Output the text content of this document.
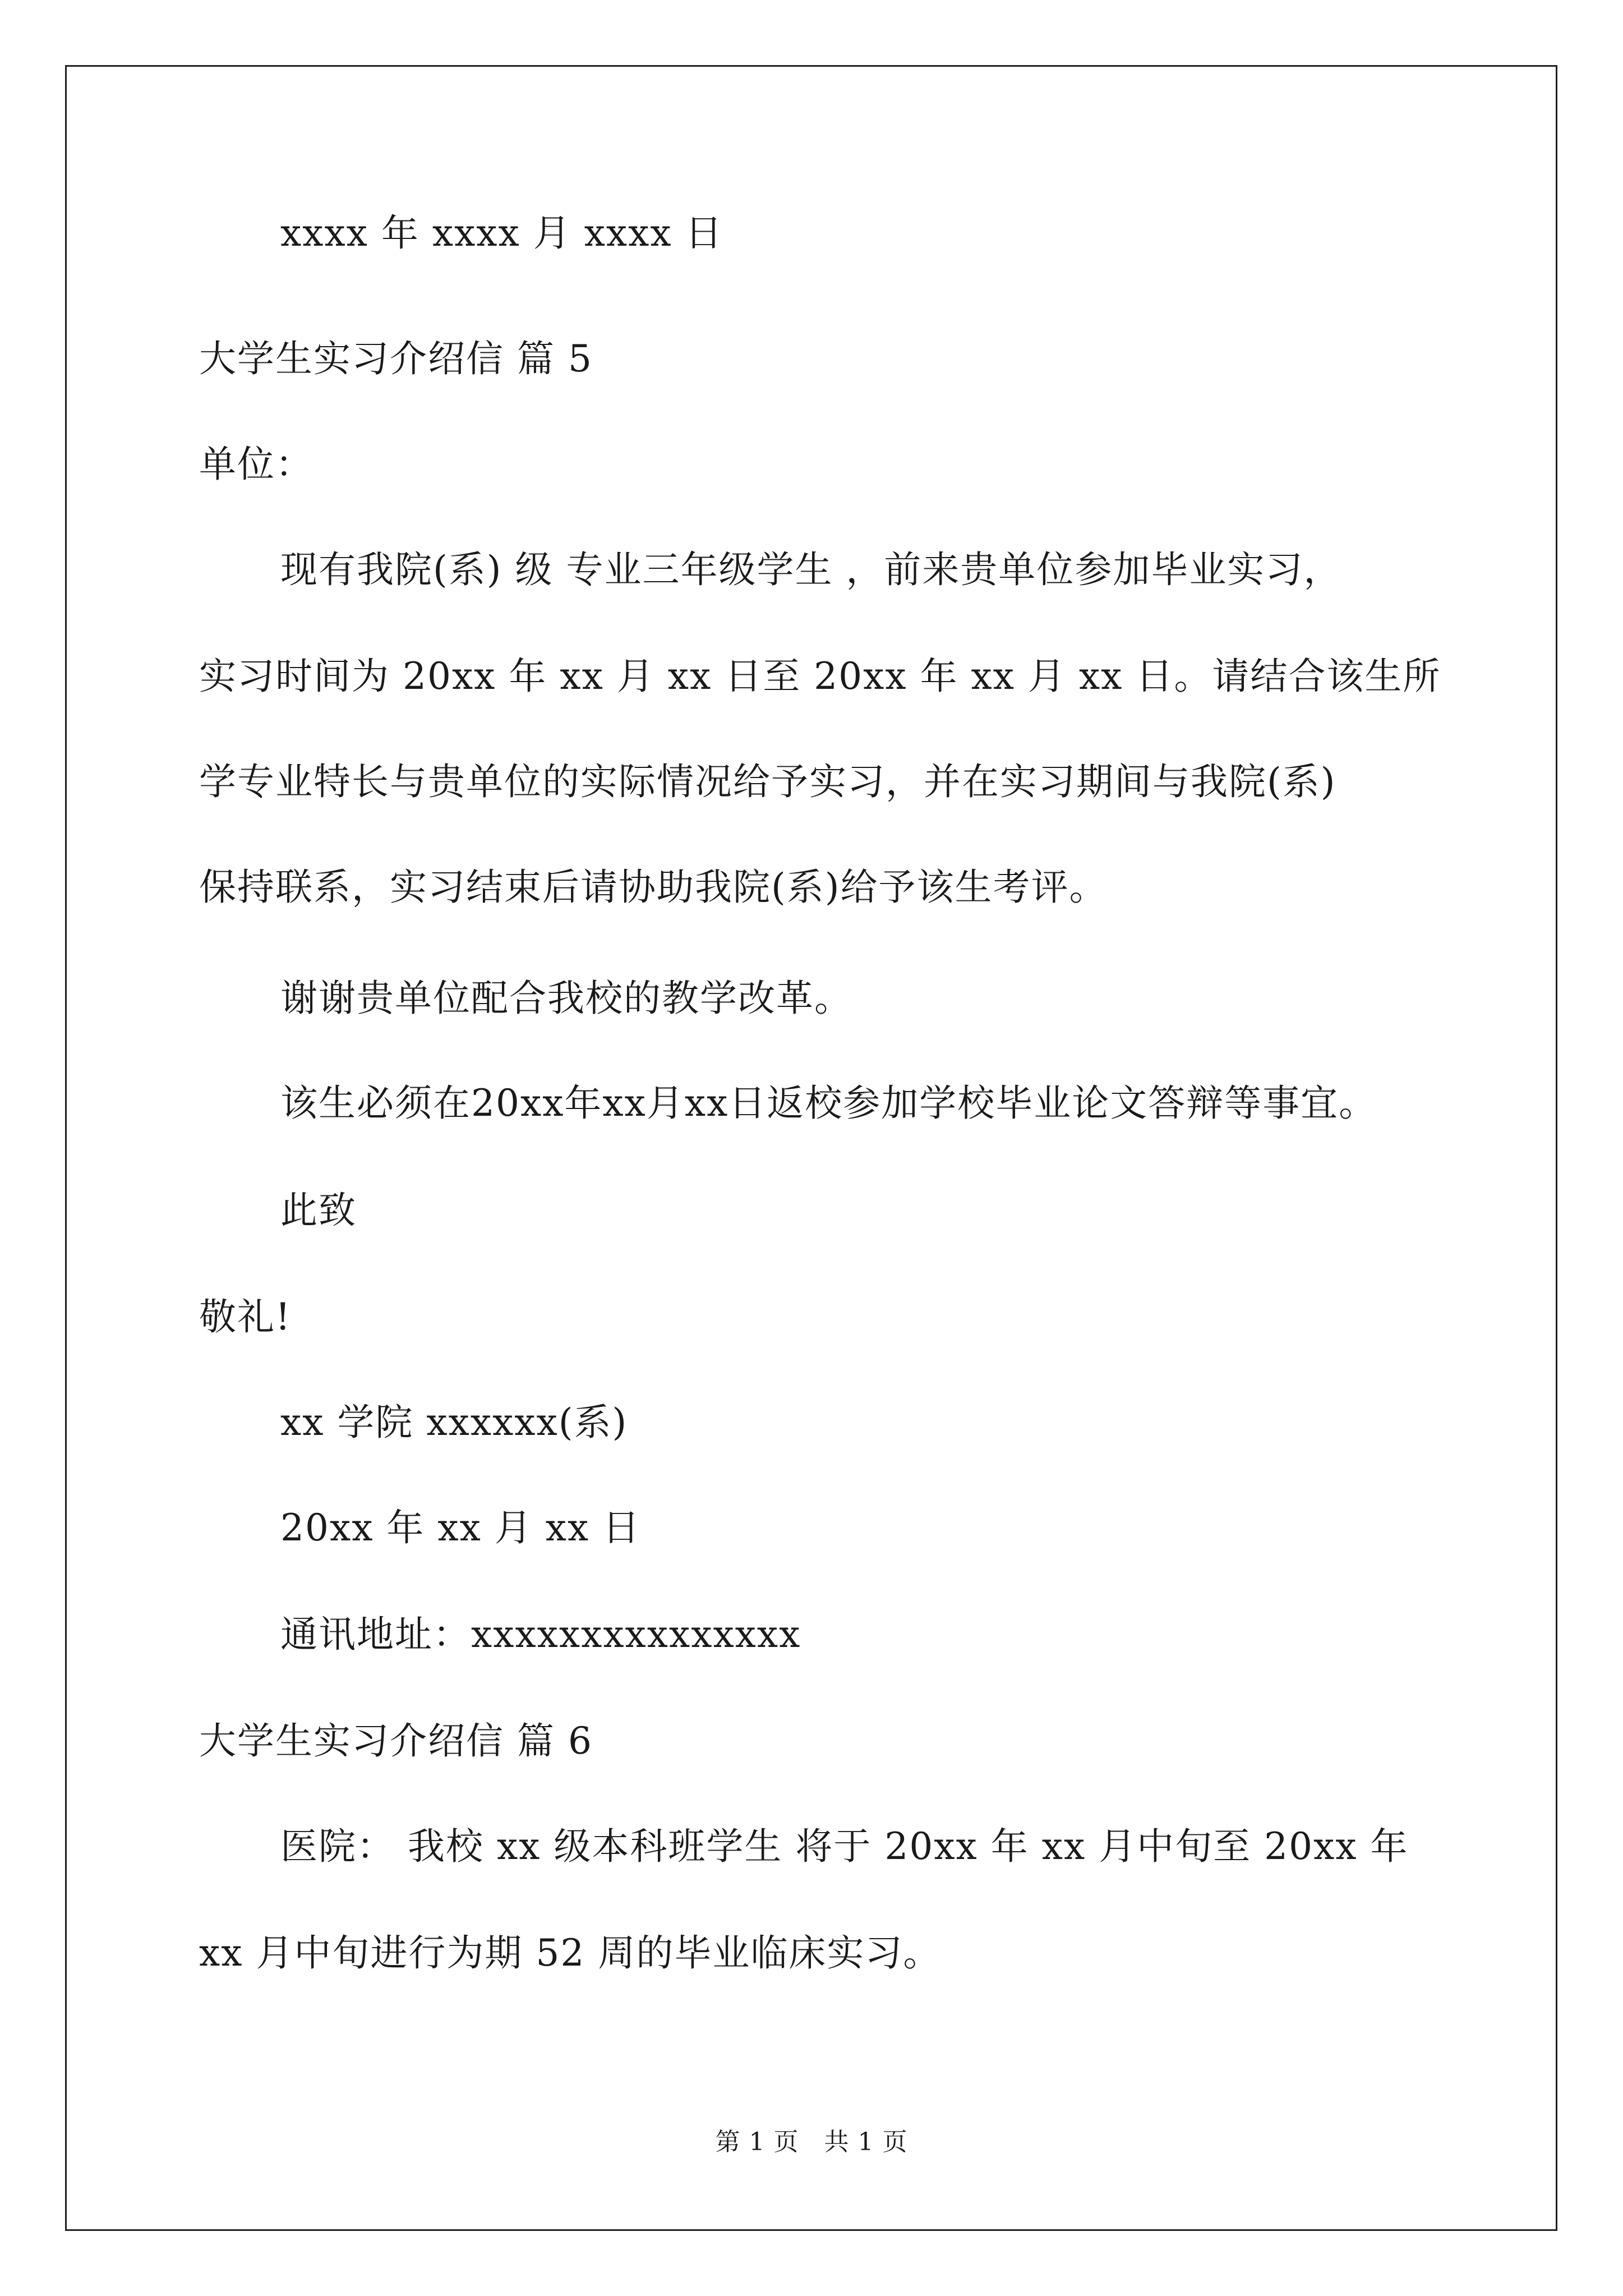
xxxx 年 xxxx 月 xxxx 日
大学生实习介绍信 篇 5
单位：
现有我院(系) 级 专业三年级学生 ，前来贵单位参加毕业实习，
实习时间为 20xx 年 xx 月 xx 日至 20xx 年 xx 月 xx 日。请结合该生所
学专业特长与贵单位的实际情况给予实习，并在实习期间与我院(系)
保持联系，实习结束后请协助我院(系)给予该生考评。
谢谢贵单位配合我校的教学改革。
该生必须在20xx年xx月xx日返校参加学校毕业论文答辩等事宜。
此致
敬礼!
xx 学院 xxxxxx(系)
20xx 年 xx 月 xx 日
通讯地址：xxxxxxxxxxxxxxx
大学生实习介绍信 篇 6
医院： 我校 xx 级本科班学生 将于 20xx 年 xx 月中旬至 20xx 年
xx 月中旬进行为期 52 周的毕业临床实习。
第 1 页　共 1 页
